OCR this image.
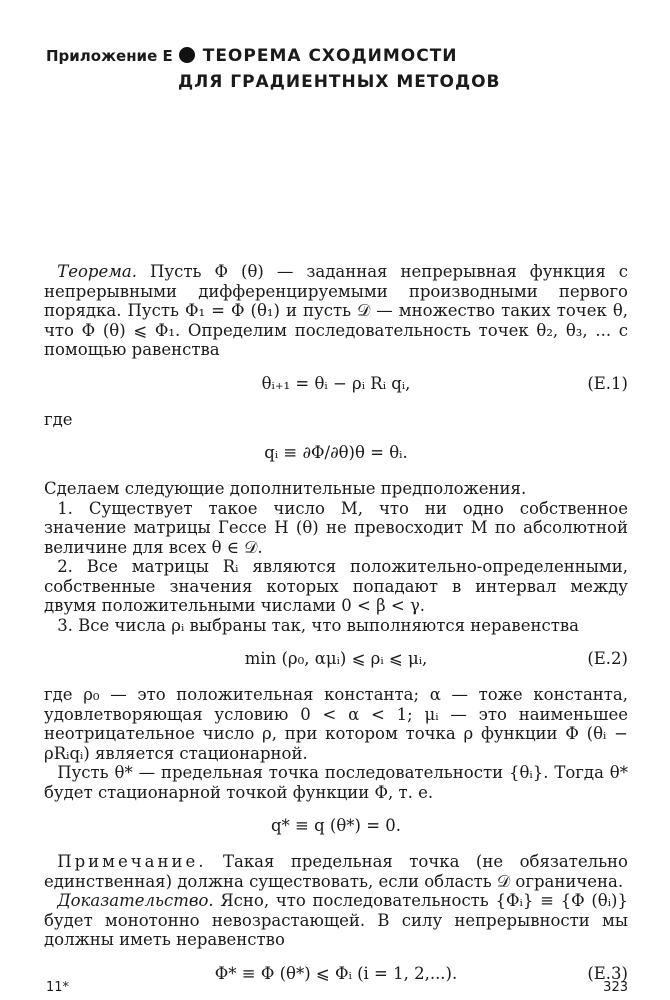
Приложение Е ТЕОРЕМА СХОДИМОСТИ
ДЛЯ ГРАДИЕНТНЫХ МЕТОДОВ

Теорема. Пусть Φ (θ) — заданная непрерывная функция с непрерывными дифференцируемыми производными первого порядка. Пусть Φ₁ = Φ (θ₁) и пусть 𝒟 — множество таких точек θ, что Φ (θ) ⩽ Φ₁. Определим последовательность точек θ₂, θ₃, ... с помощью равенства

θᵢ₊₁ = θᵢ − ρᵢ Rᵢ qᵢ,	(E.1)

где

qᵢ ≡ ∂Φ/∂θ)θ = θᵢ.

Сделаем следующие дополнительные предположения.

1. Существует такое число M, что ни одно собственное значение матрицы Гессе H (θ) не превосходит M по абсолютной величине для всех θ ∈ 𝒟.

2. Все матрицы Rᵢ являются положительно-определенными, собственные значения которых попадают в интервал между двумя положительными числами 0 < β < γ.

3. Все числа ρᵢ выбраны так, что выполняются неравенства

min (ρ₀, αμᵢ) ⩽ ρᵢ ⩽ μᵢ,	(E.2)

где ρ₀ — это положительная константа; α — тоже константа, удовлетворяющая условию 0 < α < 1; μᵢ — это наименьшее неотрицательное число ρ, при котором точка ρ функции Φ (θᵢ − ρRᵢqᵢ) является стационарной.

Пусть θ* — предельная точка последовательности {θᵢ}. Тогда θ* будет стационарной точкой функции Φ, т. е.

q* ≡ q (θ*) = 0.

Примечание. Такая предельная точка (не обязательно единственная) должна существовать, если область 𝒟 ограничена.

Доказательство. Ясно, что последовательность {Φᵢ} ≡ {Φ (θᵢ)} будет монотонно невозрастающей. В силу непрерывности мы должны иметь неравенство

Φ* ≡ Φ (θ*) ⩽ Φᵢ (i = 1, 2,...).	(E.3)
11*	323
